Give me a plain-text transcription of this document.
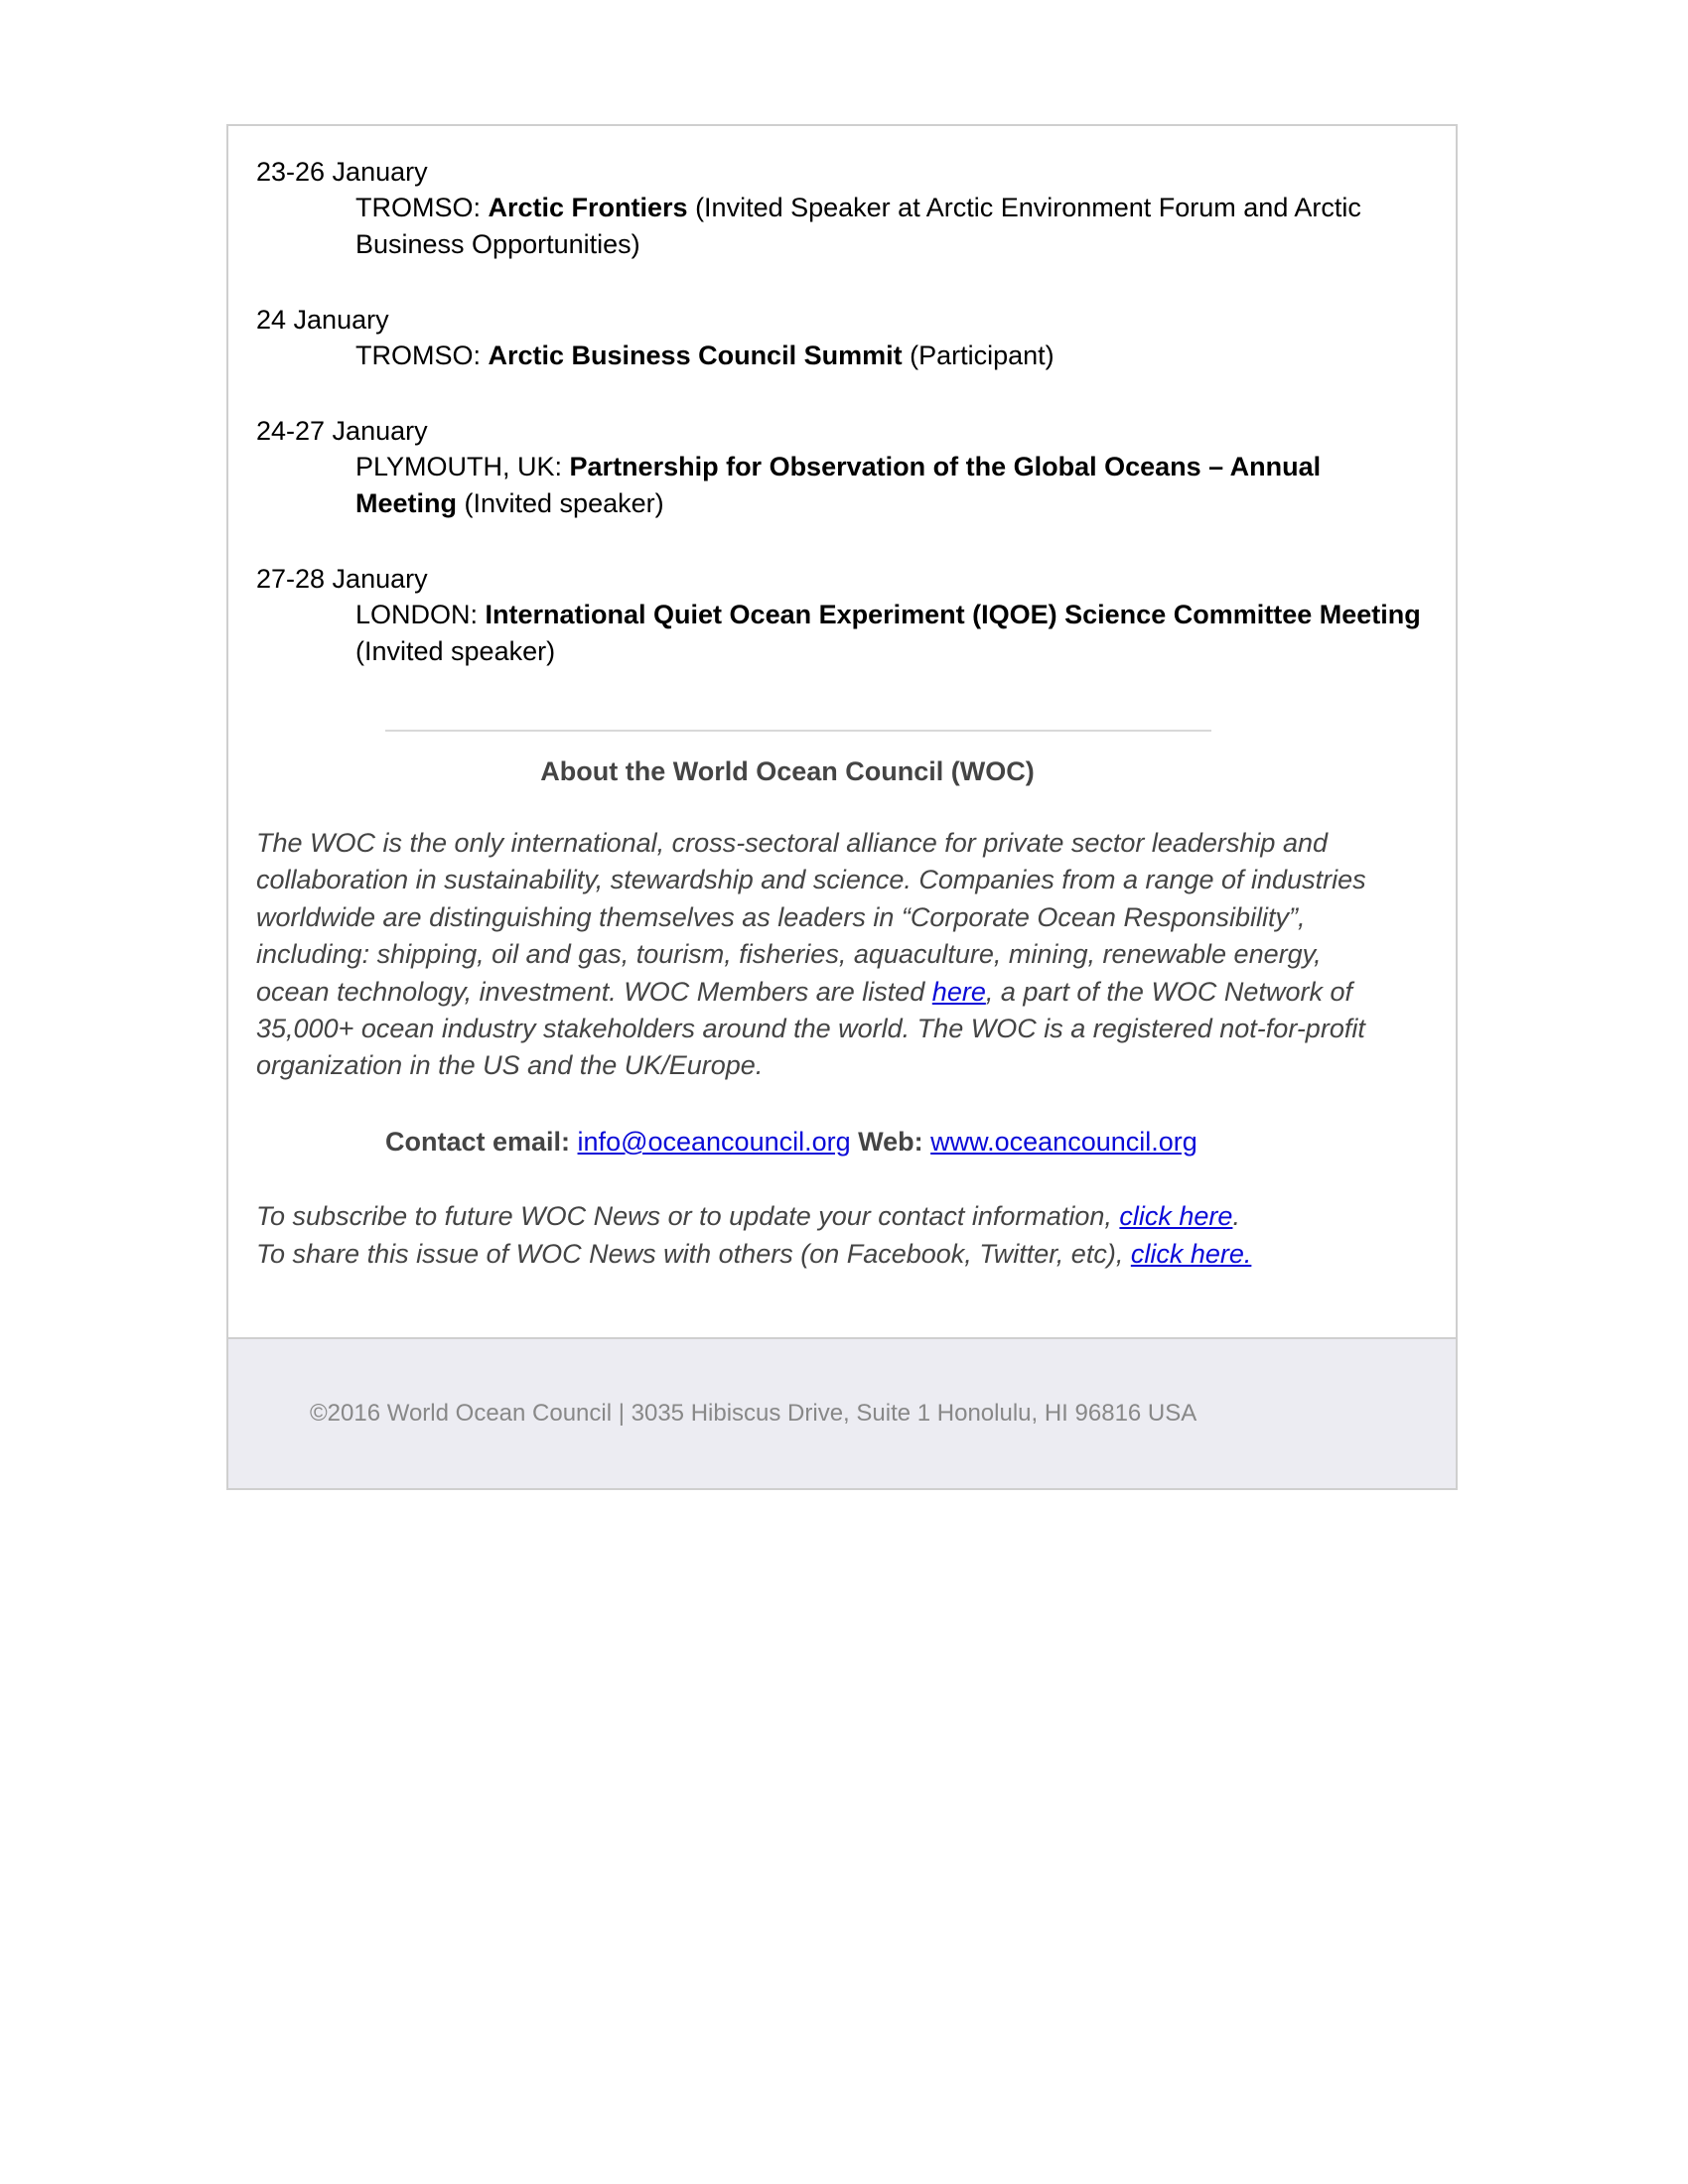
23-26 January
TROMSO: Arctic Frontiers (Invited Speaker at Arctic Environment Forum and Arctic Business Opportunities)
24 January
TROMSO: Arctic Business Council Summit (Participant)
24-27 January
PLYMOUTH, UK: Partnership for Observation of the Global Oceans – Annual Meeting (Invited speaker)
27-28 January
LONDON: International Quiet Ocean Experiment (IQOE) Science Committee Meeting (Invited speaker)
About the World Ocean Council (WOC)
The WOC is the only international, cross-sectoral alliance for private sector leadership and collaboration in sustainability, stewardship and science. Companies from a range of industries worldwide are distinguishing themselves as leaders in “Corporate Ocean Responsibility”, including: shipping, oil and gas, tourism, fisheries, aquaculture, mining, renewable energy, ocean technology, investment. WOC Members are listed here, a part of the WOC Network of 35,000+ ocean industry stakeholders around the world. The WOC is a registered not-for-profit organization in the US and the UK/Europe.
Contact email: info@oceancouncil.org Web: www.oceancouncil.org
To subscribe to future WOC News or to update your contact information, click here.
To share this issue of WOC News with others (on Facebook, Twitter, etc), click here.
©2016 World Ocean Council | 3035 Hibiscus Drive, Suite 1 Honolulu, HI 96816 USA
